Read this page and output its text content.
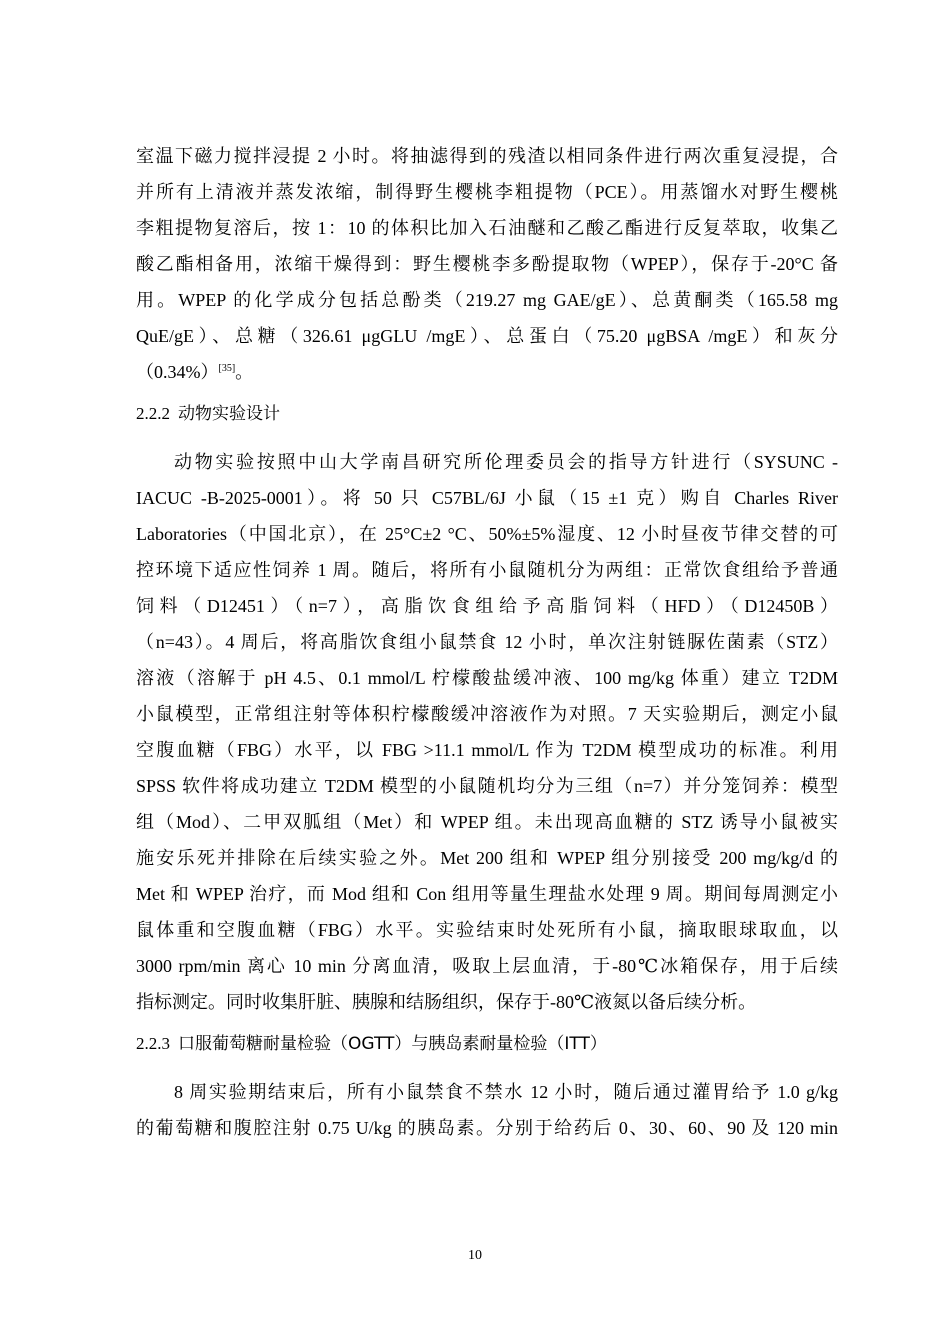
室温下磁力搅拌浸提 2 小时。将抽滤得到的残渣以相同条件进行两次重复浸提，合
并所有上清液并蒸发浓缩，制得野生樱桃李粗提物（PCE）。用蒸馏水对野生樱桃
李粗提物复溶后，按 1：10 的体积比加入石油醚和乙酸乙酯进行反复萃取，收集乙
酸乙酯相备用，浓缩干燥得到：野生樱桃李多酚提取物（WPEP），保存于-20°C 备
用。WPEP 的化学成分包括总酚类（219.27 mg GAE/gE）、总黄酮类（165.58 mg
QuE/gE）、总糖（326.61 μgGLU /mgE）、总蛋白（75.20 μgBSA /mgE）和灰分
（0.34%）[35]。
2.2.2 动物实验设计
动物实验按照中山大学南昌研究所伦理委员会的指导方针进行（SYSUNC -
IACUC -B-2025-0001）。将 50 只 C57BL/6J 小鼠（15 ±1 克）购自 Charles River
Laboratories（中国北京），在 25°C±2 °C、50%±5%湿度、12 小时昼夜节律交替的可
控环境下适应性饲养 1 周。随后，将所有小鼠随机分为两组：正常饮食组给予普通
饲料（D12451）（n=7），高脂饮食组给予高脂饲料（HFD）（D12450B）
（n=43）。4 周后，将高脂饮食组小鼠禁食 12 小时，单次注射链脲佐菌素（STZ）
溶液（溶解于 pH 4.5、0.1 mmol/L 柠檬酸盐缓冲液、100 mg/kg 体重）建立 T2DM
小鼠模型，正常组注射等体积柠檬酸缓冲溶液作为对照。7 天实验期后，测定小鼠
空腹血糖（FBG）水平，以 FBG >11.1 mmol/L 作为 T2DM 模型成功的标准。利用
SPSS 软件将成功建立 T2DM 模型的小鼠随机均分为三组（n=7）并分笼饲养：模型
组（Mod）、二甲双胍组（Met）和 WPEP 组。未出现高血糖的 STZ 诱导小鼠被实
施安乐死并排除在后续实验之外。Met 200 组和 WPEP 组分别接受 200 mg/kg/d 的
Met 和 WPEP 治疗，而 Mod 组和 Con 组用等量生理盐水处理 9 周。期间每周测定小
鼠体重和空腹血糖（FBG）水平。实验结束时处死所有小鼠，摘取眼球取血，以
3000 rpm/min 离心 10 min 分离血清，吸取上层血清，于-80℃冰箱保存，用于后续
指标测定。同时收集肝脏、胰腺和结肠组织，保存于-80℃液氮以备后续分析。
2.2.3 口服葡萄糖耐量检验（OGTT）与胰岛素耐量检验（ITT）
8 周实验期结束后，所有小鼠禁食不禁水 12 小时，随后通过灌胃给予 1.0 g/kg
的葡萄糖和腹腔注射 0.75 U/kg 的胰岛素。分别于给药后 0、30、60、90 及 120 min
10
